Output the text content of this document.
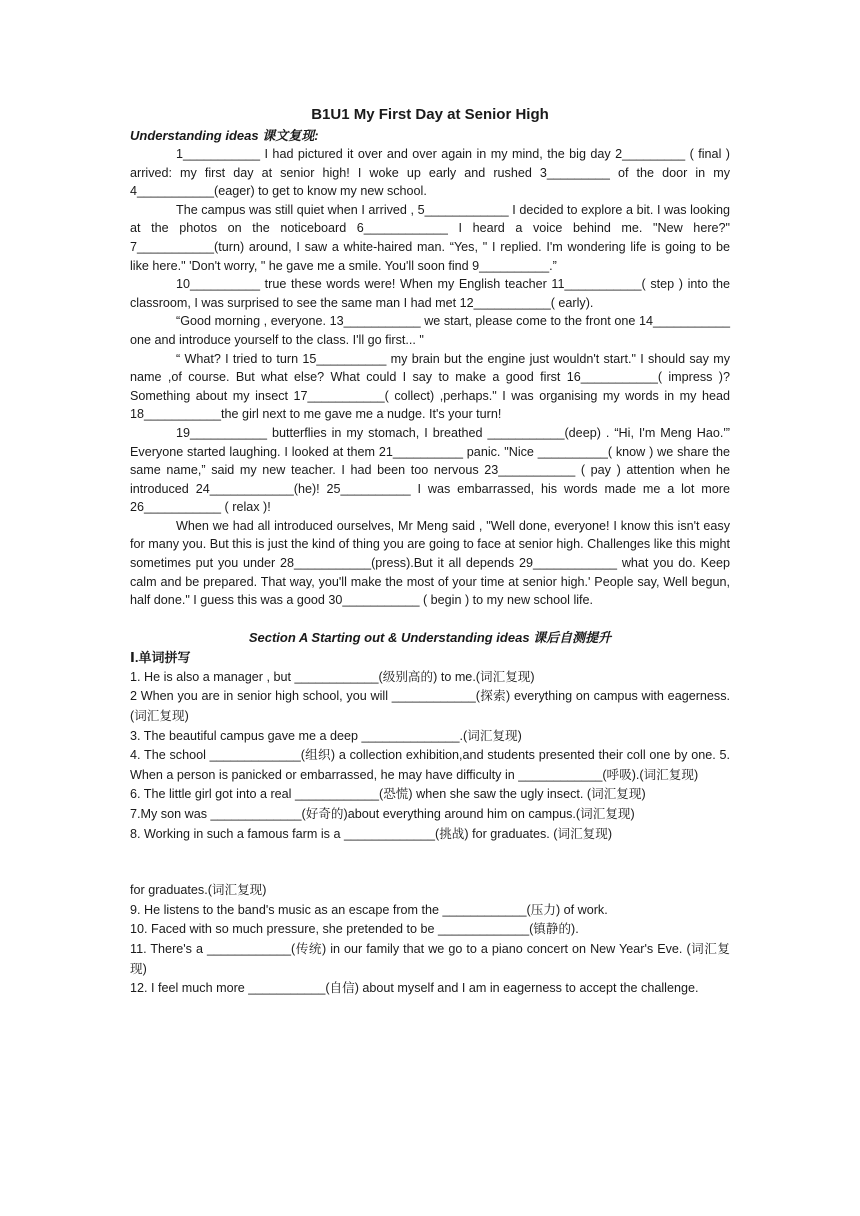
B1U1 My First Day at Senior High

Understanding ideas 课文复现:

1___________ I had pictured it over and over again in my mind, the big day 2_________ ( final ) arrived: my first day at senior high! I woke up early and rushed 3_________ of the door in my 4___________(eager) to get to know my new school.

The campus was still quiet when I arrived , 5____________ I decided to explore a bit. I was looking at the photos on the noticeboard 6____________ I heard a voice behind me. "New here?" 7___________(turn) around, I saw a white-haired man. “Yes, " I replied. I'm wondering life is going to be like here." 'Don't worry, " he gave me a smile. You'll soon find 9__________.”

10__________ true these words were! When my English teacher 11___________( step ) into the classroom, I was surprised to see the same man I had met 12___________( early).

“Good morning , everyone. 13___________ we start, please come to the front one 14___________ one and introduce yourself to the class. I'll go first... "

“ What? I tried to turn 15__________ my brain but the engine just wouldn't start." I should say my name ,of course. But what else? What could I say to make a good first 16___________( impress )? Something about my insect 17___________( collect) ,perhaps." I was organising my words in my head 18___________the girl next to me gave me a nudge. It's your turn!

19___________ butterflies in my stomach, I breathed ___________(deep) . “Hi, I'm Meng Hao.'” Everyone started laughing. I looked at them 21__________ panic. "Nice __________( know ) we share the same name,” said my new teacher. I had been too nervous 23___________ ( pay ) attention when he introduced 24____________(he)! 25__________ I was embarrassed, his words made me a lot more 26___________ ( relax )!

When we had all introduced ourselves, Mr Meng said , "Well done, everyone! I know this isn't easy for many you. But this is just the kind of thing you are going to face at senior high. Challenges like this might sometimes put you under 28___________(press).But it all depends 29____________ what you do. Keep calm and be prepared. That way, you'll make the most of your time at senior high.' People say, Well begun, half done." I guess this was a good 30___________ ( begin ) to my new school life.

Section A Starting out & Understanding ideas 课后自测提升

Ⅰ.单词拼写

1. He is also a manager , but ____________(级别高的) to me.(词汇复现)

2 When you are in senior high school, you will ____________(探索) everything on campus with eagerness. (词汇复现)

3. The beautiful campus gave me a deep ______________.(词汇复现)

4. The school _____________(组织) a collection exhibition,and students presented their coll one by one. 5. When a person is panicked or embarrassed, he may have difficulty in ____________(呼吸).(词汇复现)

6. The little girl got into a real ____________(恐慌) when she saw the ugly insect. (词汇复现)

7.My son was _____________(好奇的)about everything around him on campus.(词汇复现)

8. Working in such a famous farm is a _____________(挑战) for graduates. (词汇复现)

for graduates.(词汇复现)

9. He listens to the band's music as an escape from the ____________(压力) of work.

10. Faced with so much pressure, she pretended to be _____________(镇静的).

11. There's a ____________(传统) in our family that we go to a piano concert on New Year's Eve. (词汇复现)

12. I feel much more ___________(自信) about myself and I am in eagerness to accept the challenge.
